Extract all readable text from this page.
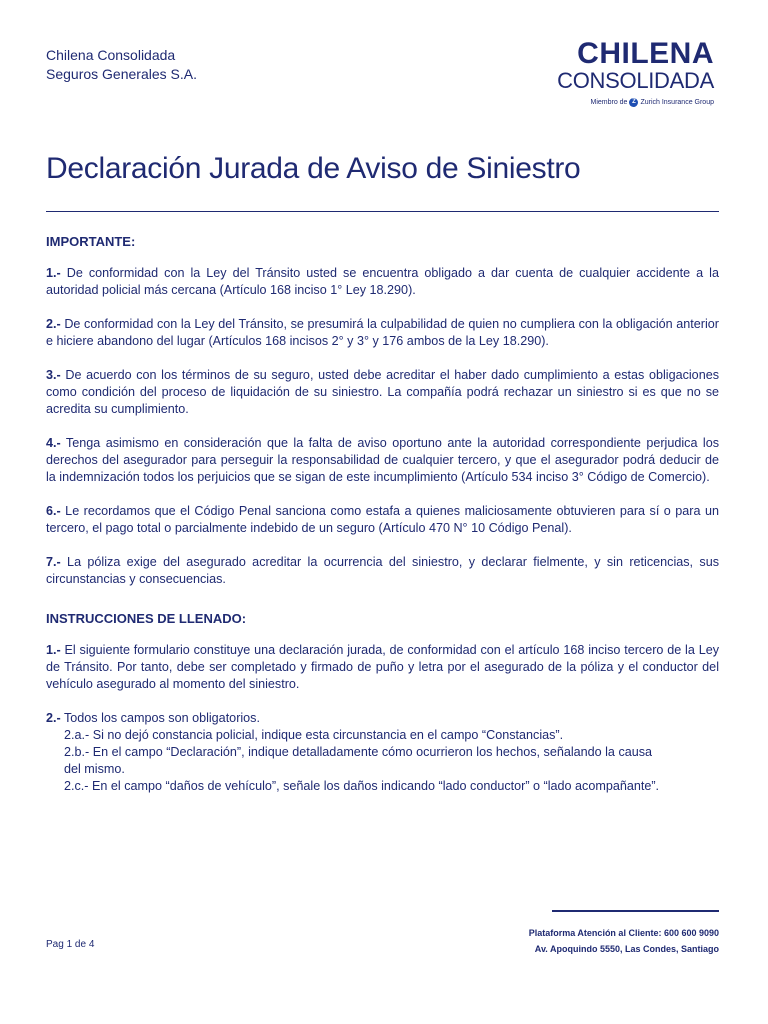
Chilena Consolidada
Seguros Generales S.A.
CHILENA
CONSOLIDADA
Miembro de Z Zurich Insurance Group
Declaración Jurada de Aviso de Siniestro
IMPORTANTE:
1.- De conformidad con la Ley del Tránsito usted se encuentra obligado a dar cuenta de cualquier accidente a la autoridad policial más cercana (Artículo 168 inciso 1° Ley 18.290).
2.- De conformidad con la Ley del Tránsito, se presumirá la culpabilidad de quien no cumpliera con la obligación anterior e hiciere abandono del lugar (Artículos 168 incisos 2° y 3° y 176 ambos de la Ley 18.290).
3.- De acuerdo con los términos de su seguro, usted debe acreditar el haber dado cumplimiento a estas obligaciones como condición del proceso de liquidación de su siniestro. La compañía podrá rechazar un siniestro si es que no se acredita su cumplimiento.
4.- Tenga asimismo en consideración que la falta de aviso oportuno ante la autoridad correspondiente perjudica los derechos del asegurador para perseguir la responsabilidad de cualquier tercero, y que el asegurador podrá deducir de la indemnización todos los perjuicios que se sigan de este incumplimiento (Artículo 534 inciso 3° Código de Comercio).
6.- Le recordamos que el Código Penal sanciona como estafa a quienes maliciosamente obtuvieren para sí o para un tercero, el pago total o parcialmente indebido de un seguro (Artículo 470 N° 10 Código Penal).
7.- La póliza exige del asegurado acreditar la ocurrencia del siniestro, y declarar fielmente, y sin reticencias, sus circunstancias y consecuencias.
INSTRUCCIONES DE LLENADO:
1.- El siguiente formulario constituye una declaración jurada, de conformidad con el artículo 168 inciso tercero de la Ley de Tránsito. Por tanto, debe ser completado y firmado de puño y letra por el asegurado de la póliza y el conductor del vehículo asegurado al momento del siniestro.
2.- Todos los campos son obligatorios.
2.a.- Si no dejó constancia policial, indique esta circunstancia en el campo “Constancias”.
2.b.- En el campo “Declaración”, indique detalladamente cómo ocurrieron los hechos, señalando la causa
del mismo.
2.c.- En el campo “daños de vehículo”, señale los daños indicando “lado conductor” o “lado acompañante”.
Plataforma Atención al Cliente: 600 600 9090
Av. Apoquindo 5550, Las Condes, Santiago
Pag 1 de 4
